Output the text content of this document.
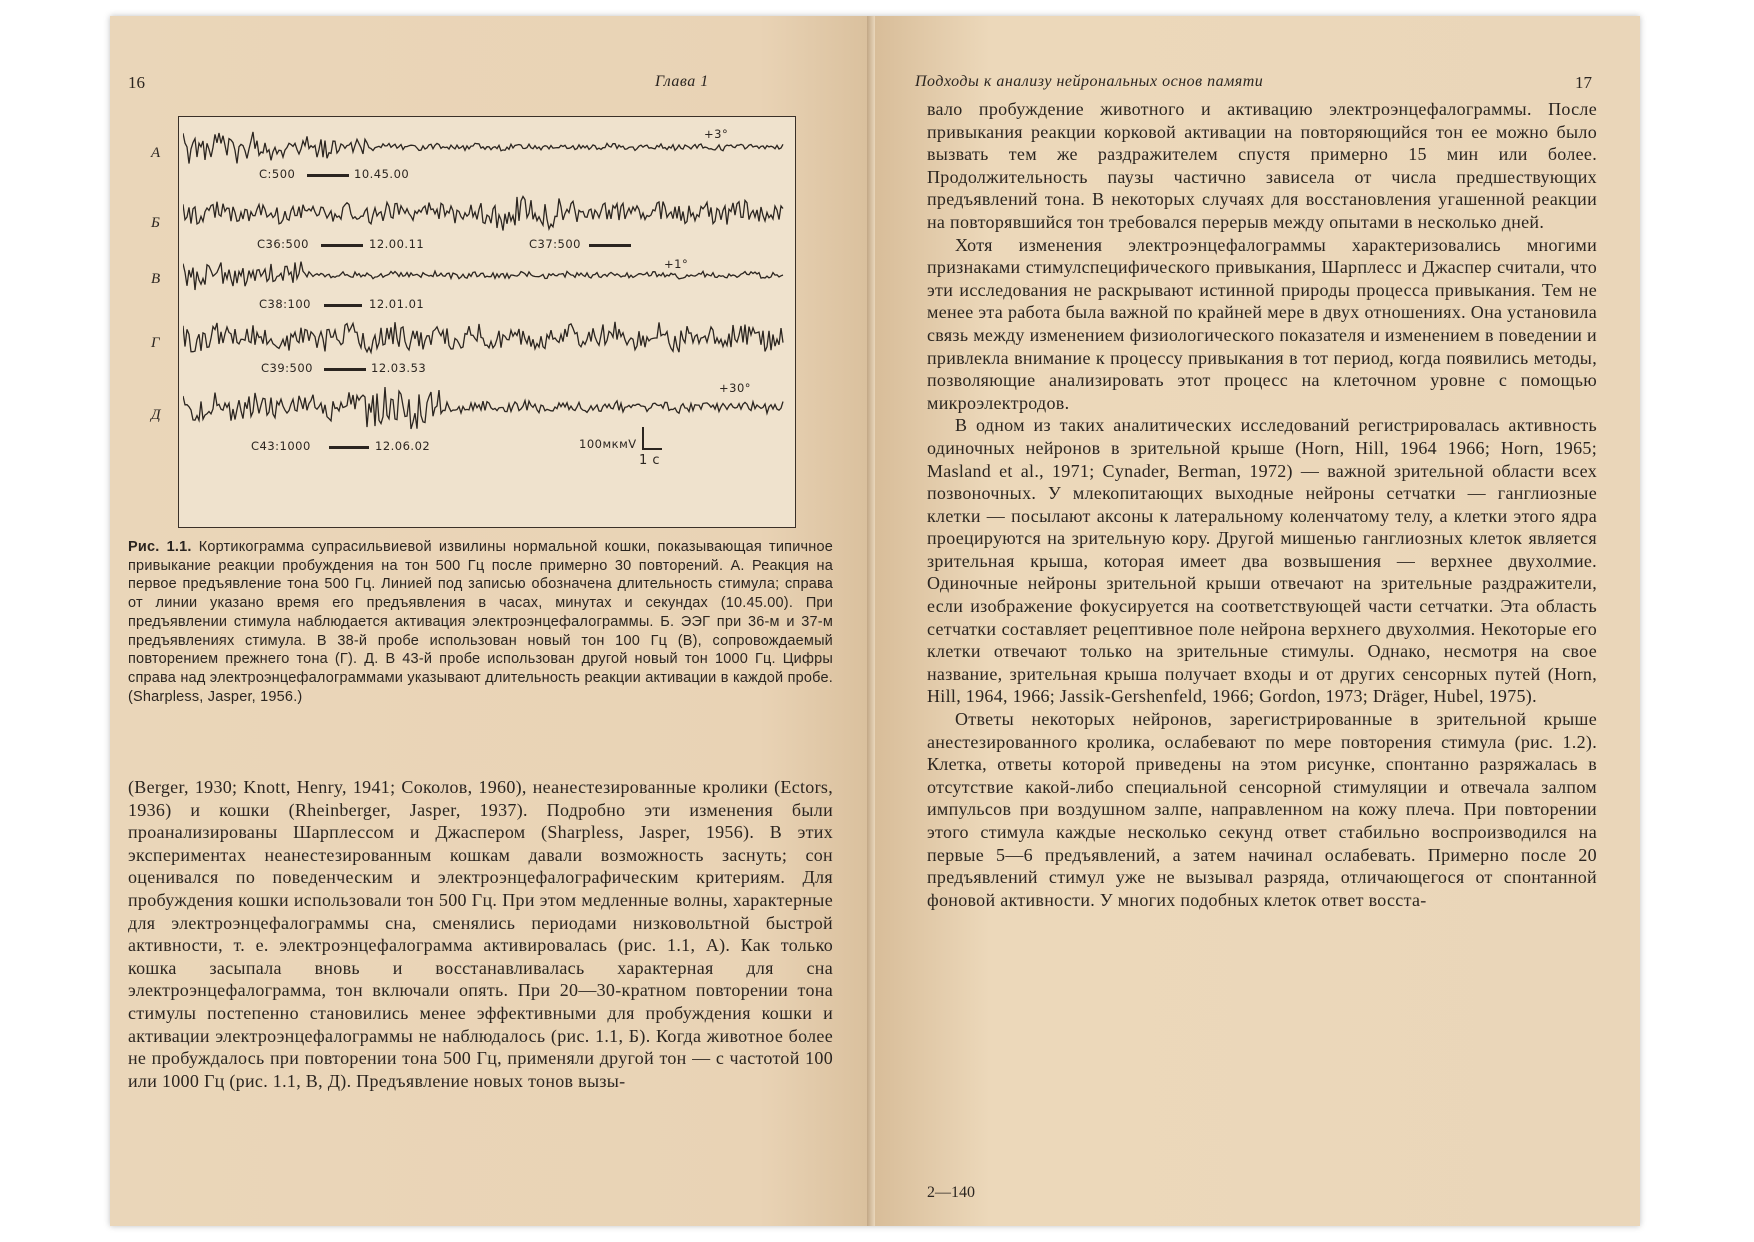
16	Глава 1
А
C:500	10.45.00
+3°
Б
C36:500	12.00.11	C37:500
В
C38:100	12.01.01
+1°
Г
C39:500	12.03.53
Д
C43:1000	12.06.02
+30°
100мкмV
1 с
Рис. 1.1. Кортикограмма супрасильвиевой извилины нормальной кошки, показывающая типичное привыкание реакции пробуждения на тон 500 Гц после примерно 30 повторений. А. Реакция на первое предъявление тона 500 Гц. Линией под записью обозначена длительность стимула; справа от линии указано время его предъявления в часах, минутах и секундах (10.45.00). При предъявлении стимула наблюдается активация электроэнцефалограммы. Б. ЭЭГ при 36-м и 37-м предъявлениях стимула. В 38-й пробе использован новый тон 100 Гц (В), сопровождаемый повторением прежнего тона (Г). Д. В 43-й пробе использован другой новый тон 1000 Гц. Цифры справа над электроэнцефалограммами указывают длительность реакции активации в каждой пробе. (Sharpless, Jasper, 1956.)

(Berger, 1930; Knott, Henry, 1941; Соколов, 1960), неанестезированные кролики (Ectors, 1936) и кошки (Rheinberger, Jasper, 1937). Подробно эти изменения были проанализированы Шарплессом и Джаспером (Sharpless, Jasper, 1956). В этих экспериментах неанестезированным кошкам давали возможность заснуть; сон оценивался по поведенческим и электроэнцефалографическим критериям. Для пробуждения кошки использовали тон 500 Гц. При этом медленные волны, характерные для электроэнцефалограммы сна, сменялись периодами низковольтной быстрой активности, т. е. электроэнцефалограмма активировалась (рис. 1.1, А). Как только кошка засыпала вновь и восстанавливалась характерная для сна электроэнцефалограмма, тон включали опять. При 20—30-кратном повторении тона стимулы постепенно становились менее эффективными для пробуждения кошки и активации электроэнцефалограммы не наблюдалось (рис. 1.1, Б). Когда животное более не пробуждалось при повторении тона 500 Гц, применяли другой тон — с частотой 100 или 1000 Гц (рис. 1.1, В, Д). Предъявление новых тонов вызы-

Подходы к анализу нейрональных основ памяти	17

вало пробуждение животного и активацию электроэнцефалограммы. После привыкания реакции корковой активации на повторяющийся тон ее можно было вызвать тем же раздражителем спустя примерно 15 мин или более. Продолжительность паузы частично зависела от числа предшествующих предъявлений тона. В некоторых случаях для восстановления угашенной реакции на повторявшийся тон требовался перерыв между опытами в несколько дней.

Хотя изменения электроэнцефалограммы характеризовались многими признаками стимулспецифического привыкания, Шарплесс и Джаспер считали, что эти исследования не раскрывают истинной природы процесса привыкания. Тем не менее эта работа была важной по крайней мере в двух отношениях. Она установила связь между изменением физиологического показателя и изменением в поведении и привлекла внимание к процессу привыкания в тот период, когда появились методы, позволяющие анализировать этот процесс на клеточном уровне с помощью микроэлектродов.

В одном из таких аналитических исследований регистрировалась активность одиночных нейронов в зрительной крыше (Horn, Hill, 1964 1966; Horn, 1965; Masland et al., 1971; Cynader, Berman, 1972) — важной зрительной области всех позвоночных. У млекопитающих выходные нейроны сетчатки — ганглиозные клетки — посылают аксоны к латеральному коленчатому телу, а клетки этого ядра проецируются на зрительную кору. Другой мишенью ганглиозных клеток является зрительная крыша, которая имеет два возвышения — верхнее двухолмие. Одиночные нейроны зрительной крыши отвечают на зрительные раздражители, если изображение фокусируется на соответствующей части сетчатки. Эта область сетчатки составляет рецептивное поле нейрона верхнего двухолмия. Некоторые его клетки отвечают только на зрительные стимулы. Однако, несмотря на свое название, зрительная крыша получает входы и от других сенсорных путей (Horn, Hill, 1964, 1966; Jassik-Gershenfeld, 1966; Gordon, 1973; Dräger, Hubel, 1975).

Ответы некоторых нейронов, зарегистрированные в зрительной крыше анестезированного кролика, ослабевают по мере повторения стимула (рис. 1.2). Клетка, ответы которой приведены на этом рисунке, спонтанно разряжалась в отсутствие какой-либо специальной сенсорной стимуляции и отвечала залпом импульсов при воздушном залпе, направленном на кожу плеча. При повторении этого стимула каждые несколько секунд ответ стабильно воспроизводился на первые 5—6 предъявлений, а затем начинал ослабевать. Примерно после 20 предъявлений стимул уже не вызывал разряда, отличающегося от спонтанной фоновой активности. У многих подобных клеток ответ восста-

2—140
